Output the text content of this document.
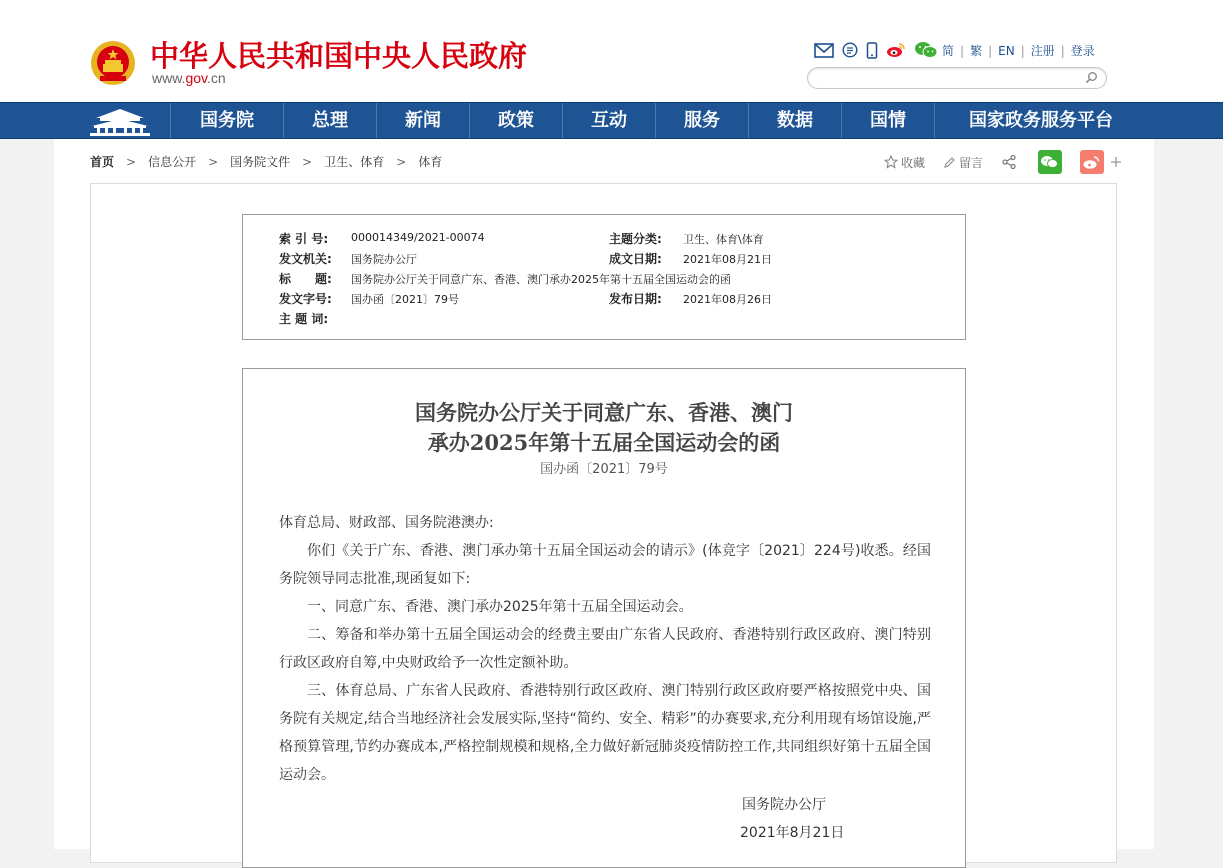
中华人民共和国中央人民政府
www.gov.cn
简 | 繁 | EN | 注册 | 登录
国务院	总理	新闻	政策	互动	服务	数据	国情	国家政务服务平台
首页 > 信息公开 > 国务院文件 > 卫生、体育 > 体育	收藏	留言
索 引 号: 000014349/2021-00074	主题分类: 卫生、体育\体育
发文机关: 国务院办公厅	成文日期: 2021年08月21日
标　　题: 国务院办公厅关于同意广东、香港、澳门承办2025年第十五届全国运动会的函
发文字号: 国办函〔2021〕79号	发布日期: 2021年08月26日
主 题 词:
国务院办公厅关于同意广东、香港、澳门
承办2025年第十五届全国运动会的函
国办函〔2021〕79号
体育总局、财政部、国务院港澳办:
你们《关于广东、香港、澳门承办第十五届全国运动会的请示》(体竞字〔2021〕224号)收悉。经国务院领导同志批准,现函复如下:
一、同意广东、香港、澳门承办2025年第十五届全国运动会。
二、筹备和举办第十五届全国运动会的经费主要由广东省人民政府、香港特别行政区政府、澳门特别行政区政府自筹,中央财政给予一次性定额补助。
三、体育总局、广东省人民政府、香港特别行政区政府、澳门特别行政区政府要严格按照党中央、国务院有关规定,结合当地经济社会发展实际,坚持“简约、安全、精彩”的办赛要求,充分利用现有场馆设施,严格预算管理,节约办赛成本,严格控制规模和规格,全力做好新冠肺炎疫情防控工作,共同组织好第十五届全国运动会。
国务院办公厅
2021年8月21日
